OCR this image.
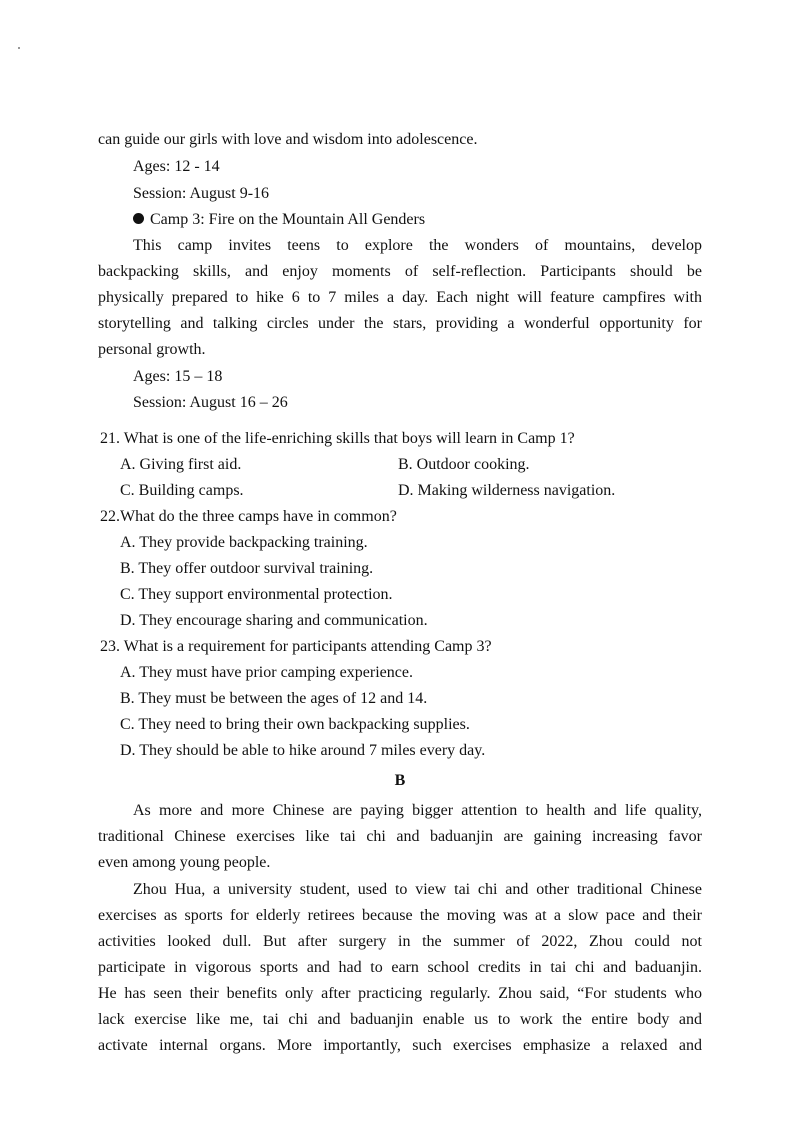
can guide our girls with love and wisdom into adolescence.
Ages: 12 - 14
Session: August 9-16
Camp 3: Fire on the Mountain All Genders
This camp invites teens to explore the wonders of mountains, develop
backpacking skills, and enjoy moments of self-reflection. Participants should be
physically prepared to hike 6 to 7 miles a day. Each night will feature campfires with
storytelling and talking circles under the stars, providing a wonderful opportunity for
personal growth.
Ages: 15 – 18
Session: August 16 – 26
21. What is one of the life-enriching skills that boys will learn in Camp 1?
A. Giving first aid.	B. Outdoor cooking.
C. Building camps.	D. Making wilderness navigation.
22.What do the three camps have in common?
A. They provide backpacking training.
B. They offer outdoor survival training.
C. They support environmental protection.
D. They encourage sharing and communication.
23. What is a requirement for participants attending Camp 3?
A. They must have prior camping experience.
B. They must be between the ages of 12 and 14.
C. They need to bring their own backpacking supplies.
D. They should be able to hike around 7 miles every day.
B
As more and more Chinese are paying bigger attention to health and life quality,
traditional Chinese exercises like tai chi and baduanjin are gaining increasing favor
even among young people.
Zhou Hua, a university student, used to view tai chi and other traditional Chinese
exercises as sports for elderly retirees because the moving was at a slow pace and their
activities looked dull. But after surgery in the summer of 2022, Zhou could not
participate in vigorous sports and had to earn school credits in tai chi and baduanjin.
He has seen their benefits only after practicing regularly. Zhou said, “For students who
lack exercise like me, tai chi and baduanjin enable us to work the entire body and
activate internal organs. More importantly, such exercises emphasize a relaxed and
